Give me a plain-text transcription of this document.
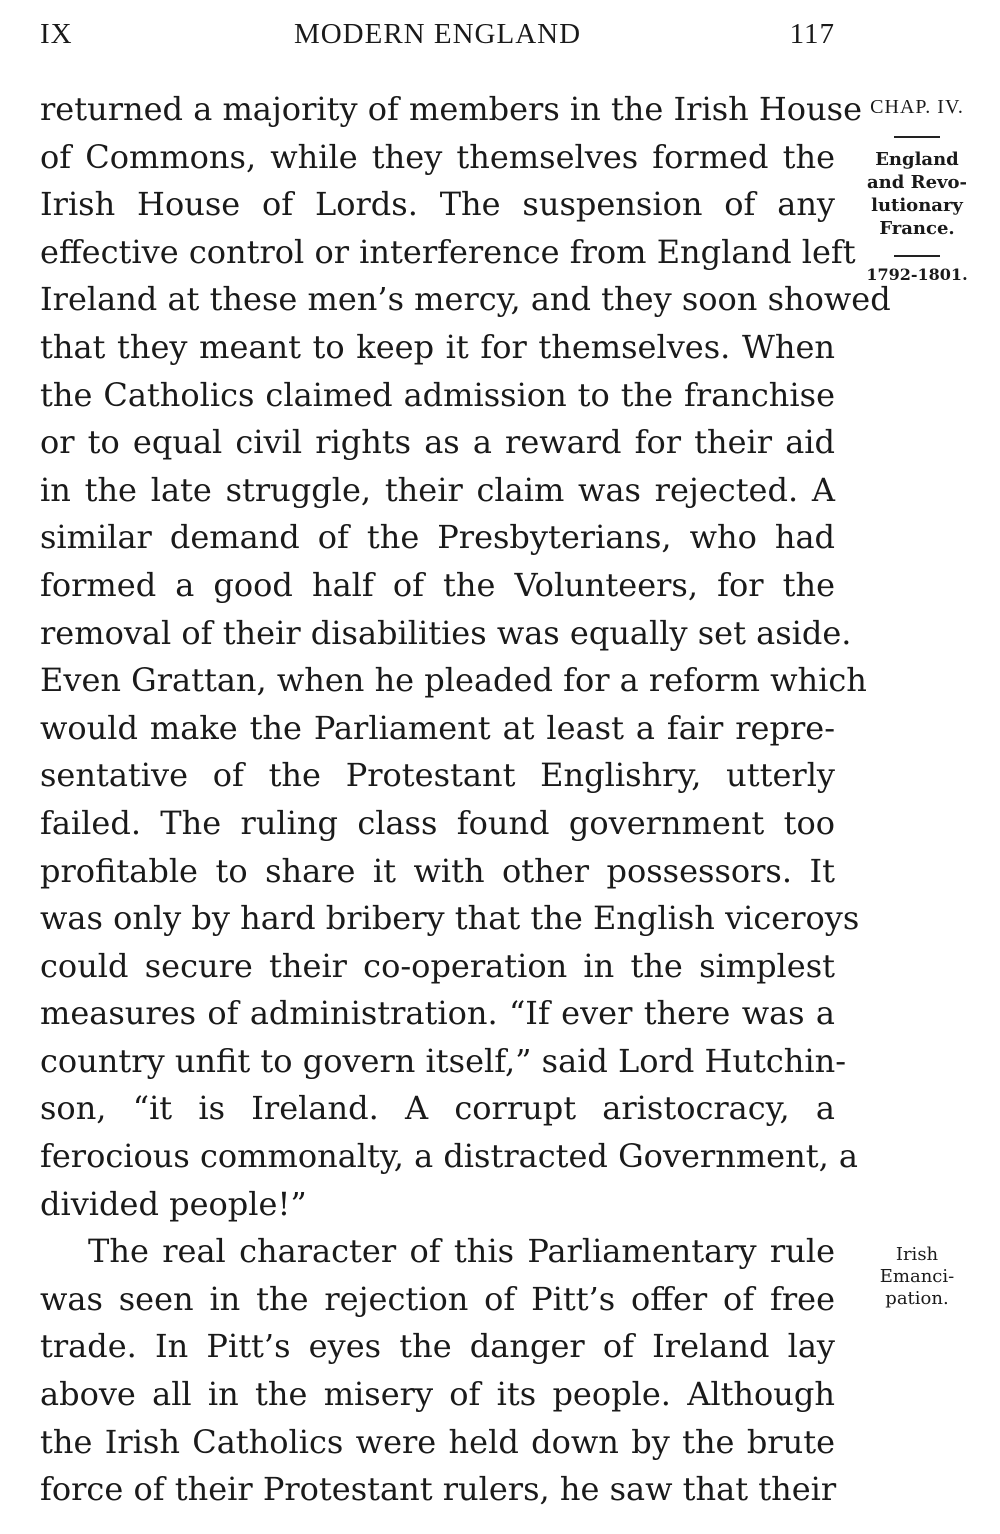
IX	MODERN ENGLAND	117
returned a majority of members in the Irish House
of Commons, while they themselves formed the
Irish House of Lords. The suspension of any
effective control or interference from England left
Ireland at these men’s mercy, and they soon showed
that they meant to keep it for themselves. When
the Catholics claimed admission to the franchise
or to equal civil rights as a reward for their aid
in the late struggle, their claim was rejected. A
similar demand of the Presbyterians, who had
formed a good half of the Volunteers, for the
removal of their disabilities was equally set aside.
Even Grattan, when he pleaded for a reform which
would make the Parliament at least a fair repre-
sentative of the Protestant Englishry, utterly
failed. The ruling class found government too
profitable to share it with other possessors. It
was only by hard bribery that the English viceroys
could secure their co-operation in the simplest
measures of administration. “If ever there was a
country unfit to govern itself,” said Lord Hutchin-
son, “it is Ireland. A corrupt aristocracy, a
ferocious commonalty, a distracted Government, a
divided people!”
The real character of this Parliamentary rule
was seen in the rejection of Pitt’s offer of free
trade. In Pitt’s eyes the danger of Ireland lay
above all in the misery of its people. Although
the Irish Catholics were held down by the brute
force of their Protestant rulers, he saw that their
CHAP. IV.
England
and Revo-
lutionary
France.
1792-1801.
Irish
Emanci-
pation.
